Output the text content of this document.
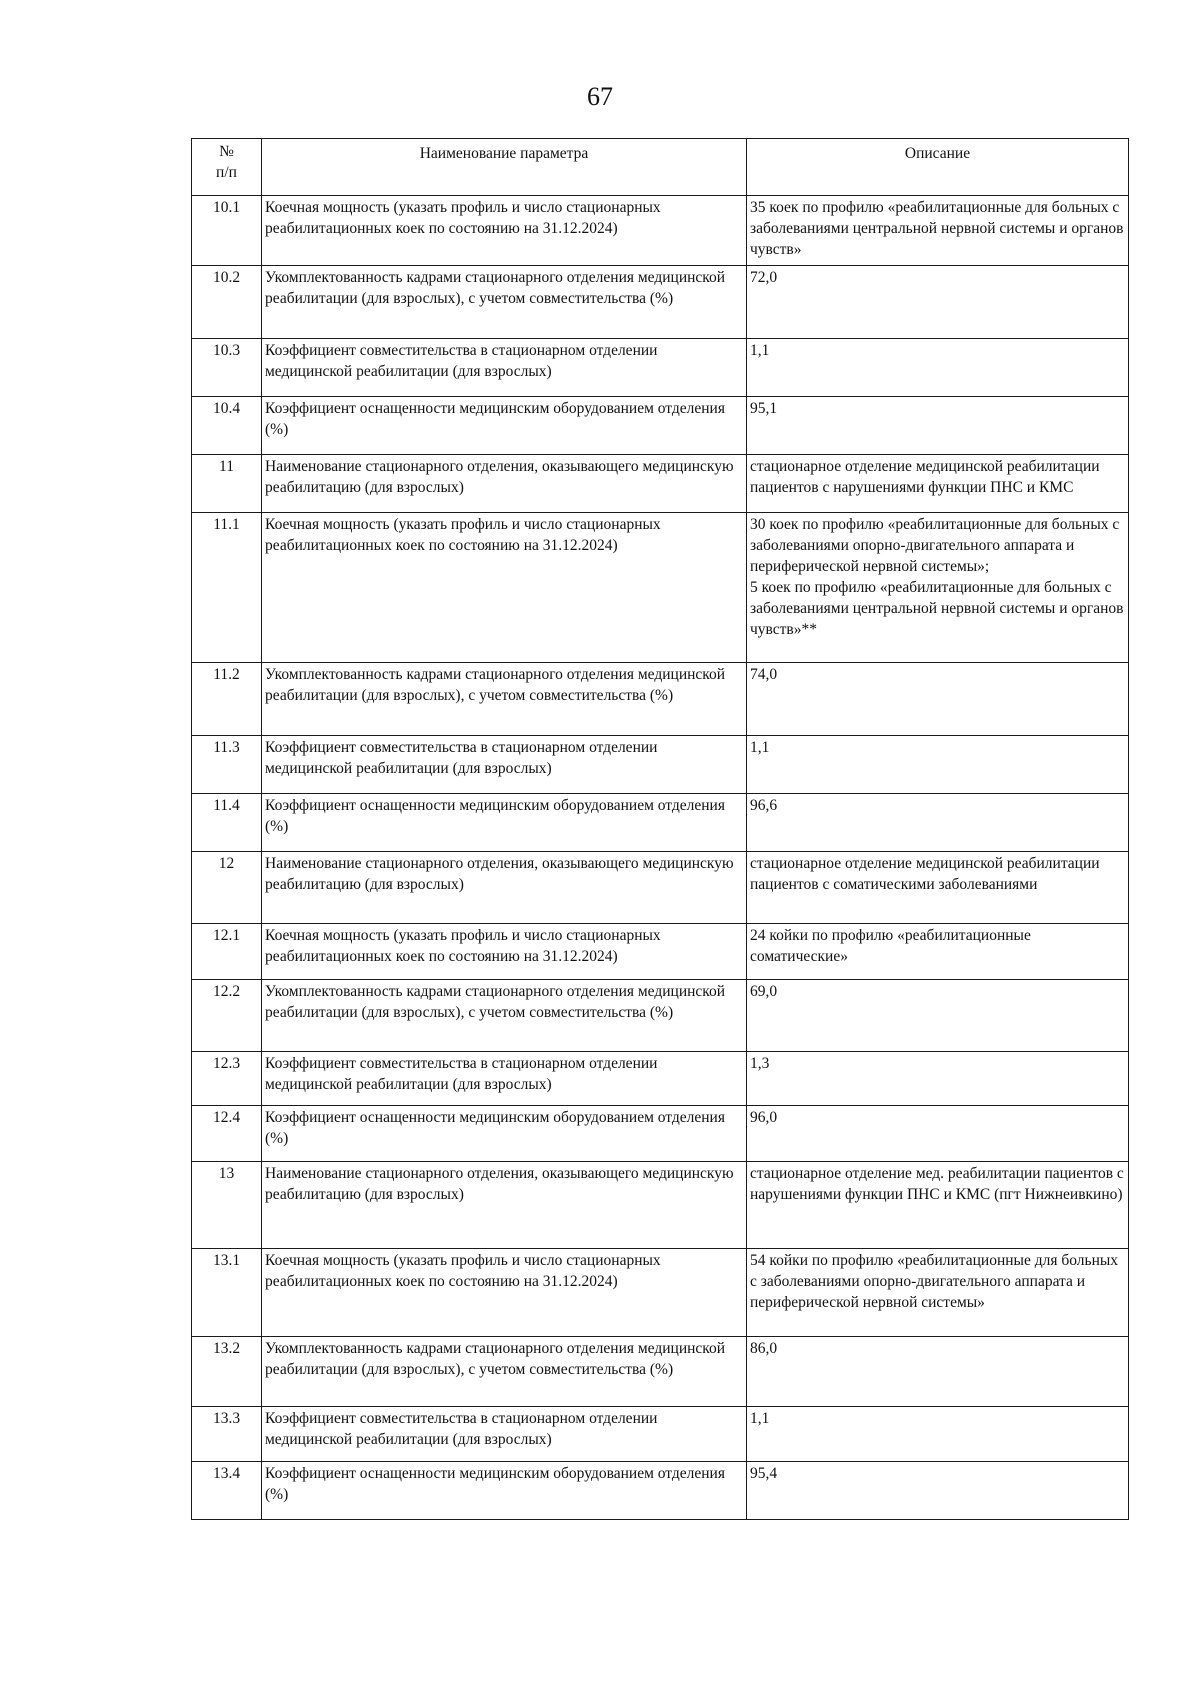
67
№
п/п	Наименование параметра	Описание
10.1	Коечная мощность (указать профиль и число стационарных реабилитационных коек по состоянию на 31.12.2024)	35 коек по профилю «реабилитационные для больных с заболеваниями центральной нервной системы и органов чувств»
10.2	Укомплектованность кадрами стационарного отделения медицинской реабилитации (для взрослых), с учетом совместительства (%)	72,0
10.3	Коэффициент совместительства в стационарном отделении медицинской реабилитации (для взрослых)	1,1
10.4	Коэффициент оснащенности медицинским оборудованием отделения (%)	95,1
11	Наименование стационарного отделения, оказывающего медицинскую реабилитацию (для взрослых)	стационарное отделение медицинской реабилитации пациентов с нарушениями функции ПНС и КМС
11.1	Коечная мощность (указать профиль и число стационарных реабилитационных коек по состоянию на 31.12.2024)	30 коек по профилю «реабилитационные для больных с заболеваниями опорно-двигательного аппарата и периферической нервной системы»;
5 коек по профилю «реабилитационные для больных с заболеваниями центральной нервной системы и органов чувств»**
11.2	Укомплектованность кадрами стационарного отделения медицинской реабилитации (для взрослых), с учетом совместительства (%)	74,0
11.3	Коэффициент совместительства в стационарном отделении медицинской реабилитации (для взрослых)	1,1
11.4	Коэффициент оснащенности медицинским оборудованием отделения (%)	96,6
12	Наименование стационарного отделения, оказывающего медицинскую реабилитацию (для взрослых)	стационарное отделение медицинской реабилитации пациентов с соматическими заболеваниями
12.1	Коечная мощность (указать профиль и число стационарных реабилитационных коек по состоянию на 31.12.2024)	24 койки по профилю «реабилитационные соматические»
12.2	Укомплектованность кадрами стационарного отделения медицинской реабилитации (для взрослых), с учетом совместительства (%)	69,0
12.3	Коэффициент совместительства в стационарном отделении медицинской реабилитации (для взрослых)	1,3
12.4	Коэффициент оснащенности медицинским оборудованием отделения (%)	96,0
13	Наименование стационарного отделения, оказывающего медицинскую реабилитацию (для взрослых)	стационарное отделение мед. реабилитации пациентов с нарушениями функции ПНС и КМС (пгт Нижнеивкино)
13.1	Коечная мощность (указать профиль и число стационарных реабилитационных коек по состоянию на 31.12.2024)	54 койки по профилю «реабилитационные для больных с заболеваниями опорно-двигательного аппарата и периферической нервной системы»
13.2	Укомплектованность кадрами стационарного отделения медицинской реабилитации (для взрослых), с учетом совместительства (%)	86,0
13.3	Коэффициент совместительства в стационарном отделении медицинской реабилитации (для взрослых)	1,1
13.4	Коэффициент оснащенности медицинским оборудованием отделения (%)	95,4
